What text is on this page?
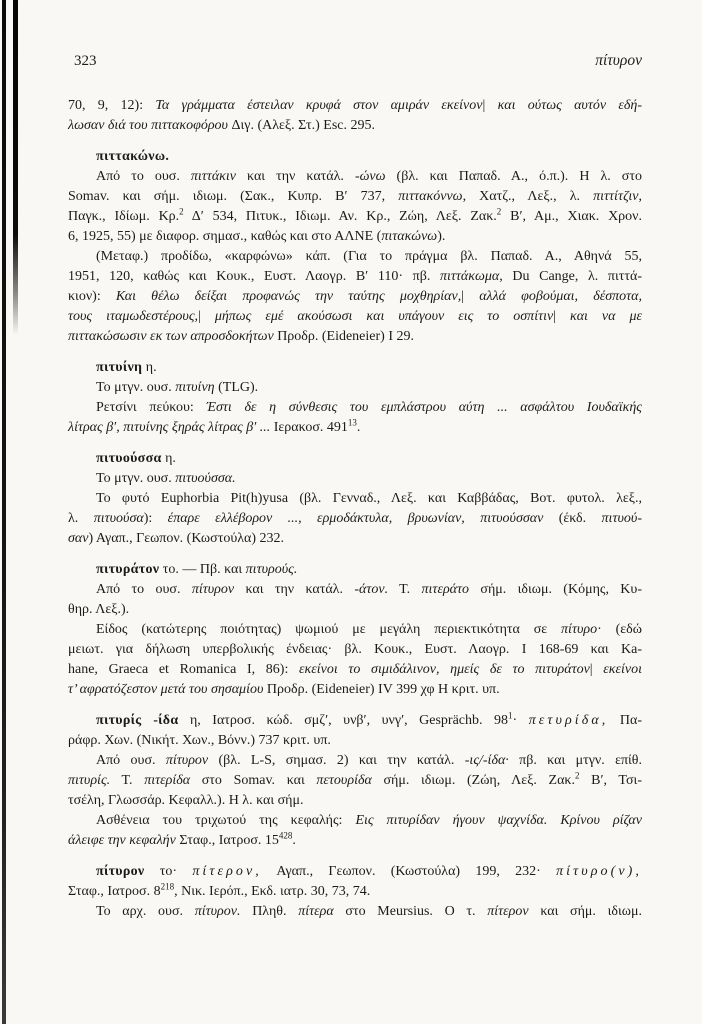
323	πίτυρον
70, 9, 12): Τα γράμματα έστειλαν κρυφά στον αμιράν εκείνον| και ούτως αυτόν εδή-
λωσαν διά του πιττακοφόρου Διγ. (Αλεξ. Στ.) Esc. 295.
πιττακώνω.
Από το ουσ. πιττάκιν και την κατάλ. -ώνω (βλ. και Παπαδ. Α., ό.π.). Η λ. στο
Somav. και σήμ. ιδιωμ. (Σακ., Κυπρ. Β′ 737, πιττακόννω, Χατζ., Λεξ., λ. πιττίτζιν,
Παγκ., Ιδίωμ. Κρ.$^2$ Δ′ 534, Πιτυκ., Ιδιωμ. Αν. Κρ., Ζώη, Λεξ. Ζακ.$^2$ Β′, Αμ., Χιακ. Χρον.
6, 1925, 55) με διαφορ. σημασ., καθώς και στο ΑΛΝΕ (πιτακώνω).
(Μεταφ.) προδίδω, «καρφώνω» κάπ. (Για το πράγμα βλ. Παπαδ. Α., Αθηνά 55,
1951, 120, καθώς και Κουκ., Ευστ. Λαογρ. Β′ 110· πβ. πιττάκωμα, Du Cange, λ. πιττά-
κιον): Και θέλω δείξαι προφανώς την ταύτης μοχθηρίαν,| αλλά φοβούμαι, δέσποτα,
τους ιταμωδεστέρους,| μήπως εμέ ακούσωσι και υπάγουν εις το οσπίτιν| και να με
πιττακώσωσιν εκ των απροσδοκήτων Προδρ. (Eideneier) I 29.
πιτυίνη η.
Το μτγν. ουσ. πιτυίνη (TLG).
Ρετσίνι πεύκου: Έστι δε η σύνθεσις του εμπλάστρου αύτη ... ασφάλτου Ιουδαϊκής
λίτρας β′, πιτυίνης ξηράς λίτρας β′ ... Ιερακοσ. $491^{13}$.
πιτυούσσα η.
Το μτγν. ουσ. πιτυούσσα.
Το φυτό Euphorbia Pit(h)yusa (βλ. Γενναδ., Λεξ. και Καββάδας, Βοτ. φυτολ. λεξ.,
λ. πιτυούσα): έπαρε ελλέβορον ..., ερμοδάκτυλα, βρυωνίαν, πιτυούσσαν (έκδ. πιτυού-
σαν) Αγαπ., Γεωπον. (Κωστούλα) 232.
πιτυράτον το. — Πβ. και πιτυρούς.
Από το ουσ. πίτυρον και την κατάλ. -άτον. Τ. πιτεράτο σήμ. ιδιωμ. (Κόμης, Κυ-
θηρ. Λεξ.).
Είδος (κατώτερης ποιότητας) ψωμιού με μεγάλη περιεκτικότητα σε πίτυρο· (εδώ
μειωτ. για δήλωση υπερβολικής ένδειας· βλ. Κουκ., Ευστ. Λαογρ. I 168-69 και Ka-
hane, Graeca et Romanica I, 86): εκείνοι το σιμιδάλινον, ημείς δε το πιτυράτον| εκείνοι
τ’ αφρατόζεστον μετά του σησαμίου Προδρ. (Eideneier) IV 399 χφ Η κριτ. υπ.
πιτυρίς -ίδα η, Ιατροσ. κώδ. σμζ′, υνβ′, υνγ′, Gesprächb. $98^1\cdot \pi\varepsilon\tau\upsilon\rho ί\delta\alpha$, Πα-
ράφρ. Χων. (Νικήτ. Χων., Βόνν.) 737 κριτ. υπ.
Από ουσ. πίτυρον (βλ. L-S, σημασ. 2) και την κατάλ. -ις/-ίδα· πβ. και μτγν. επίθ.
πιτυρίς. Τ. πιτερίδα στο Somav. και πετουρίδα σήμ. ιδιωμ. (Ζώη, Λεξ. Ζακ.$^2$ Β′, Τσι-
τσέλη, Γλωσσάρ. Κεφαλλ.). Η λ. και σήμ.
Ασθένεια του τριχωτού της κεφαλής: Εις πιτυρίδαν ήγουν ψαχνίδα. Κρίνου ρίζαν
άλειφε την κεφαλήν Σταφ., Ιατροσ. $15^{428}$.
πίτυρον το· πίτερον, Αγαπ., Γεωπον. (Κωστούλα) 199, 232· πίτυρο(ν),
Σταφ., Ιατροσ. $8^{218}$, Νικ. Ιερόπ., Εκδ. ιατρ. 30, 73, 74.
Το αρχ. ουσ. πίτυρον. Πληθ. πίτερα στο Meursius. Ο τ. πίτερον και σήμ. ιδιωμ.
